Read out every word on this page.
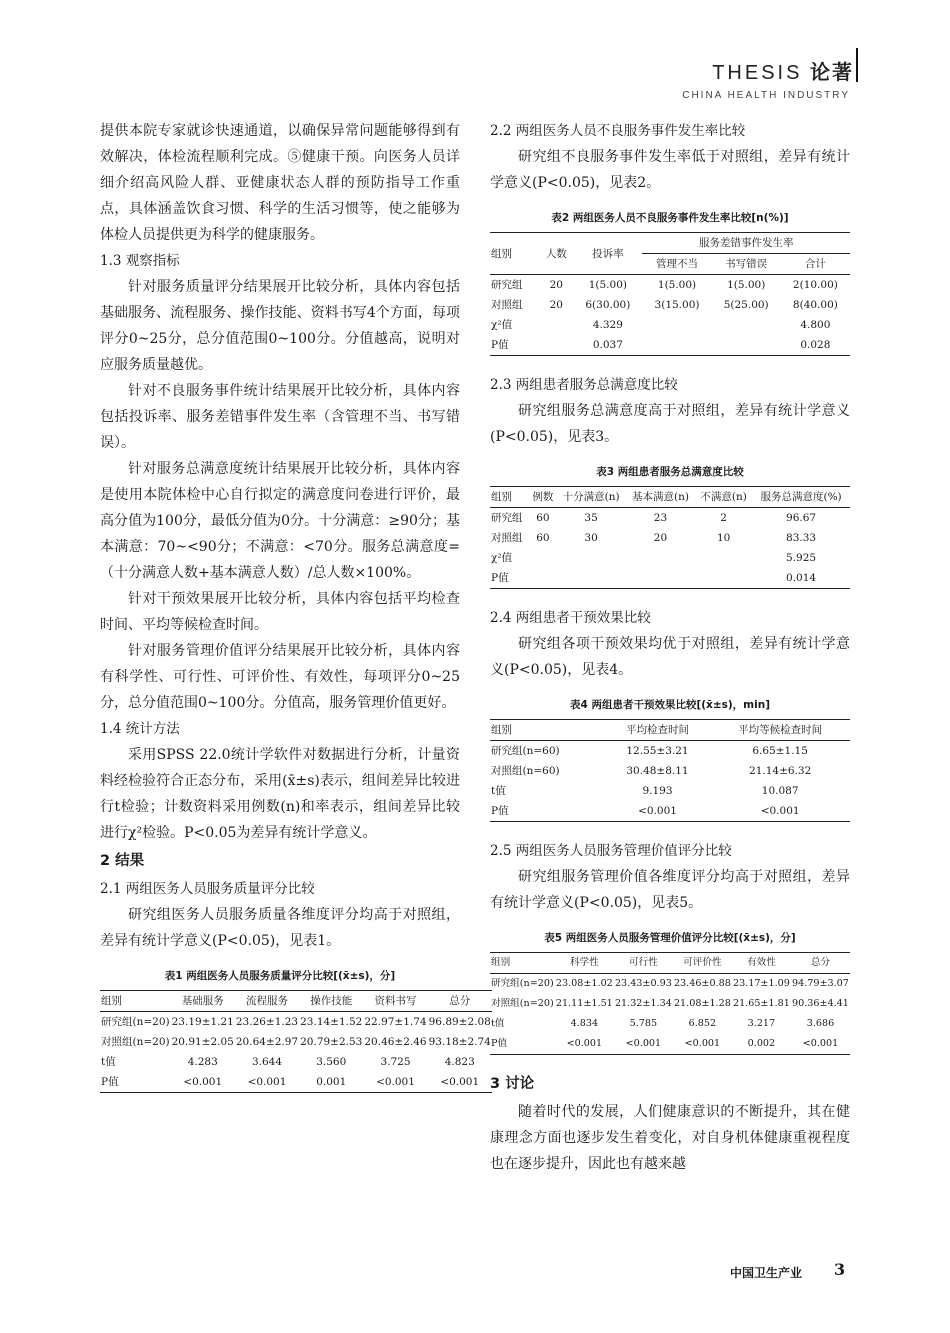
THESIS 论著
CHINA HEALTH INDUSTRY

提供本院专家就诊快速通道，以确保异常问题能够得到有效解决，体检流程顺利完成。⑤健康干预。向医务人员详细介绍高风险人群、亚健康状态人群的预防指导工作重点，具体涵盖饮食习惯、科学的生活习惯等，使之能够为体检人员提供更为科学的健康服务。

1.3 观察指标

针对服务质量评分结果展开比较分析，具体内容包括基础服务、流程服务、操作技能、资料书写4个方面，每项评分0~25分，总分值范围0~100分。分值越高，说明对应服务质量越优。

针对不良服务事件统计结果展开比较分析，具体内容包括投诉率、服务差错事件发生率（含管理不当、书写错误）。

针对服务总满意度统计结果展开比较分析，具体内容是使用本院体检中心自行拟定的满意度问卷进行评价，最高分值为100分，最低分值为0分。十分满意：≥90分；基本满意：70~<90分；不满意：<70分。服务总满意度=（十分满意人数+基本满意人数）/总人数×100%。

针对干预效果展开比较分析，具体内容包括平均检查时间、平均等候检查时间。

针对服务管理价值评分结果展开比较分析，具体内容有科学性、可行性、可评价性、有效性，每项评分0~25分，总分值范围0~100分。分值高，服务管理价值更好。

1.4 统计方法

采用SPSS 22.0统计学软件对数据进行分析，计量资料经检验符合正态分布，采用(x̄±s)表示，组间差异比较进行t检验；计数资料采用例数(n)和率表示，组间差异比较进行χ²检验。P<0.05为差异有统计学意义。

2 结果
2.1 两组医务人员服务质量评分比较

研究组医务人员服务质量各维度评分均高于对照组，差异有统计学意义(P<0.05)，见表1。

表1 两组医务人员服务质量评分比较[(x̄±s)，分]
组别	基础服务	流程服务	操作技能	资料书写	总分
研究组(n=20)	23.19±1.21	23.26±1.23	23.14±1.52	22.97±1.74	96.89±2.08
对照组(n=20)	20.91±2.05	20.64±2.97	20.79±2.53	20.46±2.46	93.18±2.74
t值	4.283	3.644	3.560	3.725	4.823
P值	<0.001	<0.001	0.001	<0.001	<0.001
2.2 两组医务人员不良服务事件发生率比较

研究组不良服务事件发生率低于对照组，差异有统计学意义(P<0.05)，见表2。

表2 两组医务人员不良服务事件发生率比较[n(%)]
组别	人数	投诉率	服务差错事件发生率		
			管理不当	书写错误	合计
研究组	20	1(5.00)	1(5.00)	1(5.00)	2(10.00)
对照组	20	6(30.00)	3(15.00)	5(25.00)	8(40.00)
χ²值		4.329			4.800
P值		0.037			0.028
2.3 两组患者服务总满意度比较

研究组服务总满意度高于对照组，差异有统计学意义(P<0.05)，见表3。

表3 两组患者服务总满意度比较
组别	例数	十分满意(n)	基本满意(n)	不满意(n)	服务总满意度(%)
研究组	60	35	23	2	96.67
对照组	60	30	20	10	83.33
χ²值					5.925
P值					0.014
2.4 两组患者干预效果比较

研究组各项干预效果均优于对照组，差异有统计学意义(P<0.05)，见表4。

表4 两组患者干预效果比较[(x̄±s)，min]
组别	平均检查时间	平均等候检查时间
研究组(n=60)	12.55±3.21	6.65±1.15
对照组(n=60)	30.48±8.11	21.14±6.32
t值	9.193	10.087
P值	<0.001	<0.001
2.5 两组医务人员服务管理价值评分比较

研究组服务管理价值各维度评分均高于对照组，差异有统计学意义(P<0.05)，见表5。

表5 两组医务人员服务管理价值评分比较[(x̄±s)，分]
组别	科学性	可行性	可评价性	有效性	总分
研究组(n=20)	23.08±1.02	23.43±0.93	23.46±0.88	23.17±1.09	94.79±3.07
对照组(n=20)	21.11±1.51	21.32±1.34	21.08±1.28	21.65±1.81	90.36±4.41
t值	4.834	5.785	6.852	3.217	3.686
P值	<0.001	<0.001	<0.001	0.002	<0.001
3 讨论

随着时代的发展，人们健康意识的不断提升，其在健康理念方面也逐步发生着变化，对自身机体健康重视程度也在逐步提升，因此也有越来越

中国卫生产业 3
